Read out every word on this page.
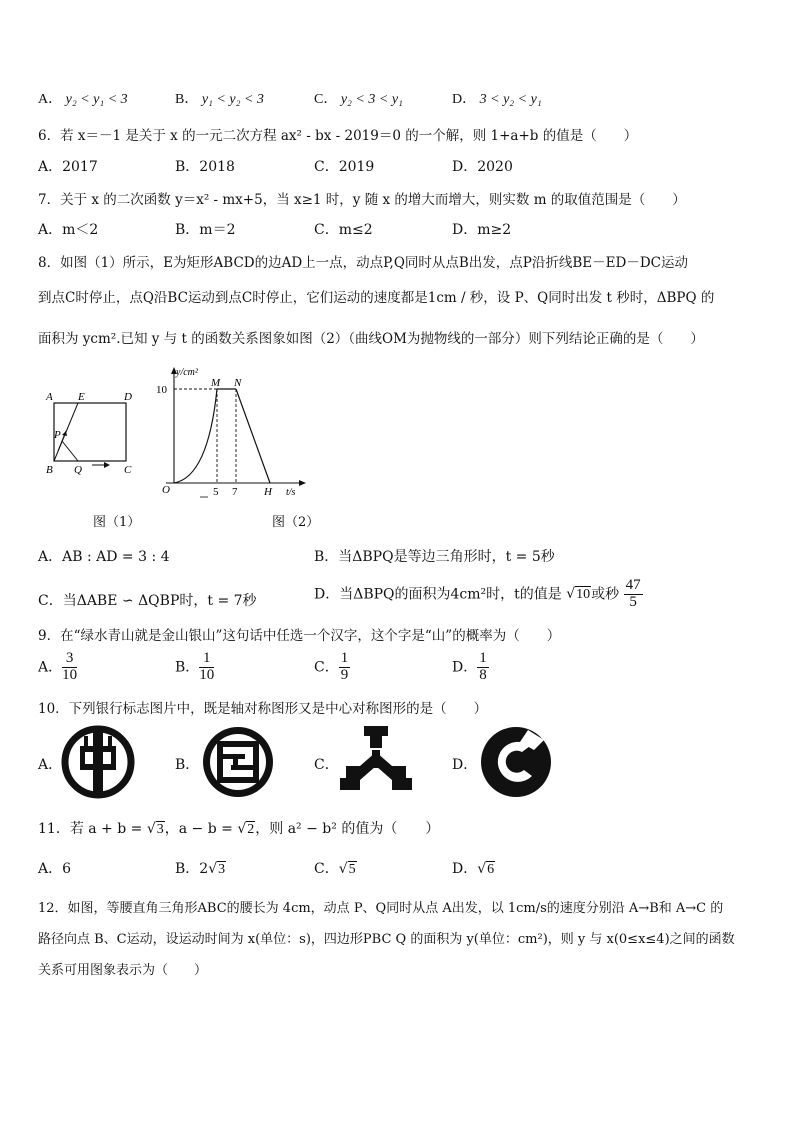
A． y₂ < y₁ < 3	B． y₁ < y₂ < 3	C． y₂ < 3 < y₁	D． 3 < y₂ < y₁
6．若 x＝－1 是关于 x 的一元二次方程 ax² - bx - 2019＝0 的一个解，则 1+a+b 的值是（　　）
A．2017	B．2018	C．2019	D．2020
7．关于 x 的二次函数 y＝x² - mx+5，当 x≥1 时，y 随 x 的增大而增大，则实数 m 的取值范围是（　　）
A．m＜2	B．m＝2	C．m≤2	D．m≥2
8．如图（1）所示，E为矩形ABCD的边AD上一点，动点P,Q同时从点B出发，点P沿折线BE－ED－DC运动
到点C时停止，点Q沿BC运动到点C时停止，它们运动的速度都是1cm / 秒，设 P、Q同时出发 t 秒时，ΔBPQ 的
面积为 ycm².已知 y 与 t 的函数关系图象如图（2）（曲线OM为抛物线的一部分）则下列结论正确的是（　　）
A E	D
P
B Q	C
图（1）
y/cm²
10
M N
O	5 7 H t/s
图（2）
A．AB : AD = 3 : 4	B．当ΔBPQ是等边三角形时，t = 5秒
C．当ΔABE ∽ ΔQBP时，t = 7秒	D．当ΔBPQ的面积为4cm²时，t的值是 √10或秒 $\frac{47}{5}$
9．在“绿水青山就是金山银山”这句话中任选一个汉字，这个字是“山”的概率为（　　）
A． $\frac{3}{10}$	B． $\frac{1}{10}$	C． $\frac{1}{9}$	D． $\frac{1}{8}$
10．下列银行标志图片中，既是轴对称图形又是中心对称图形的是（　　）
A．	B．	C．	D．
11．若 a + b = √3，a − b = √2，则 a² − b² 的值为（　　）
A．6	B．2√3	C．√5	D．√6
12．如图，等腰直角三角形ABC的腰长为 4cm，动点 P、Q同时从点 A出发，以 1cm/s的速度分别沿 A→B和 A→C 的
路径向点 B、C运动，设运动时间为 x(单位：s)，四边形PBC Q 的面积为 y(单位：cm²)，则 y 与 x(0≤x≤4)之间的函数
关系可用图象表示为（　　）
